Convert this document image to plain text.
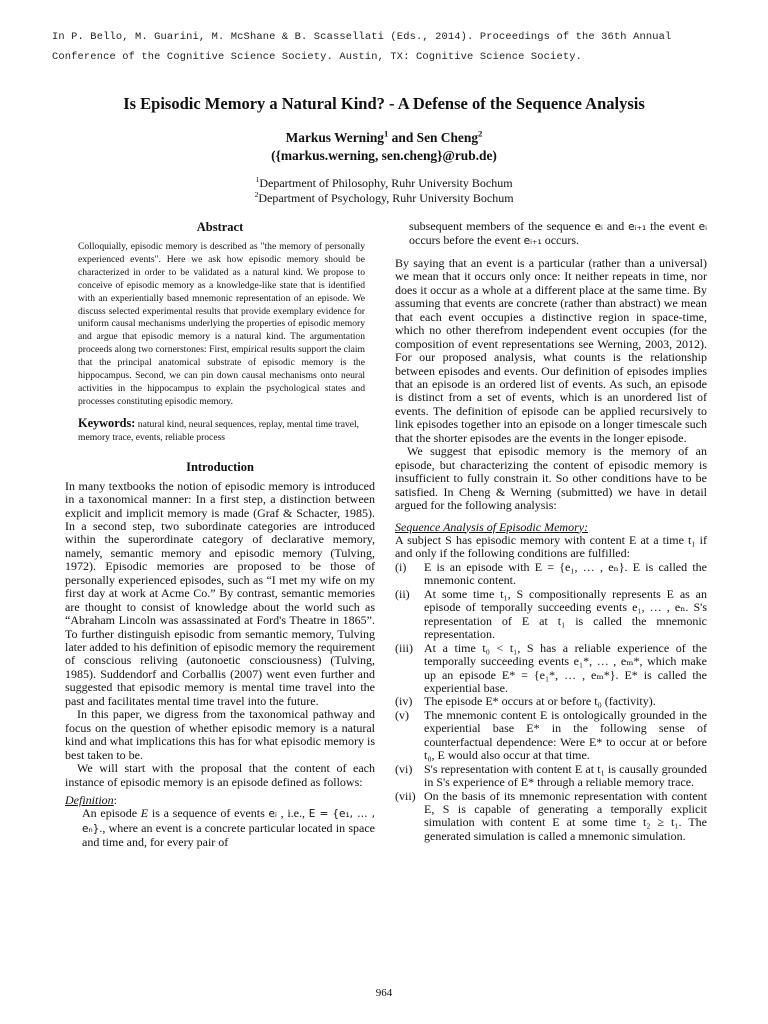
In P. Bello, M. Guarini, M. McShane & B. Scassellati (Eds., 2014). Proceedings of the 36th Annual
Conference of the Cognitive Science Society. Austin, TX: Cognitive Science Society.
Is Episodic Memory a Natural Kind? - A Defense of the Sequence Analysis
Markus Werning$^1$ and Sen Cheng$^2$
({markus.werning, sen.cheng}@rub.de)
$^1$Department of Philosophy, Ruhr University Bochum
$^2$Department of Psychology, Ruhr University Bochum
Abstract

Colloquially, episodic memory is described as "the memory of personally experienced events". Here we ask how episodic memory should be characterized in order to be validated as a natural kind. We propose to conceive of episodic memory as a knowledge-like state that is identified with an experientially based mnemonic representation of an episode. We discuss selected experimental results that provide exemplary evidence for uniform causal mechanisms underlying the properties of episodic memory and argue that episodic memory is a natural kind. The argumentation proceeds along two cornerstones: First, empirical results support the claim that the principal anatomical substrate of episodic memory is the hippocampus. Second, we can pin down causal mechanisms onto neural activities in the hippocampus to explain the psychological states and processes constituting episodic memory.

Keywords: natural kind, neural sequences, replay, mental time travel, memory trace, events, reliable process

Introduction

In many textbooks the notion of episodic memory is introduced in a taxonomical manner: In a first step, a distinction between explicit and implicit memory is made (Graf & Schacter, 1985). In a second step, two subordinate categories are introduced within the superordinate category of declarative memory, namely, semantic memory and episodic memory (Tulving, 1972). Episodic memories are proposed to be those of personally experienced episodes, such as “I met my wife on my first day at work at Acme Co.” By contrast, semantic memories are thought to consist of knowledge about the world such as “Abraham Lincoln was assassinated at Ford's Theatre in 1865”. To further distinguish episodic from semantic memory, Tulving later added to his definition of episodic memory the requirement of conscious reliving (autonoetic consciousness) (Tulving, 1985). Suddendorf and Corballis (2007) went even further and suggested that episodic memory is mental time travel into the past and facilitates mental time travel into the future.

In this paper, we digress from the taxonomical pathway and focus on the question of whether episodic memory is a natural kind and what implications this has for what episodic memory is best taken to be.

We will start with the proposal that the content of each instance of episodic memory is an episode defined as follows:

Definition:

An episode E is a sequence of events eᵢ , i.e., E = {e₁, … , eₙ}., where an event is a concrete particular located in space and time and, for every pair of

subsequent members of the sequence eᵢ and eᵢ₊₁ the event eᵢ occurs before the event eᵢ₊₁ occurs.

By saying that an event is a particular (rather than a universal) we mean that it occurs only once: It neither repeats in time, nor does it occur as a whole at a different place at the same time. By assuming that events are concrete (rather than abstract) we mean that each event occupies a distinctive region in space-time, which no other therefrom independent event occupies (for the composition of event representations see Werning, 2003, 2012). For our proposed analysis, what counts is the relationship between episodes and events. Our definition of episodes implies that an episode is an ordered list of events. As such, an episode is distinct from a set of events, which is an unordered list of events. The definition of episode can be applied recursively to link episodes together into an episode on a longer timescale such that the shorter episodes are the events in the longer episode.

We suggest that episodic memory is the memory of an episode, but characterizing the content of episodic memory is insufficient to fully constrain it. So other conditions have to be satisfied. In Cheng & Werning (submitted) we have in detail argued for the following analysis:

Sequence Analysis of Episodic Memory:

A subject S has episodic memory with content E at a time t₁ if and only if the following conditions are fulfilled:

(i)	E is an episode with E = {e₁, … , eₙ}. E is called the mnemonic content.
(ii)	At some time t₁, S compositionally represents E as an episode of temporally succeeding events e₁, … , eₙ. S's representation of E at t₁ is called the mnemonic representation.
(iii) At a time t₀ < t₁, S has a reliable experience of the temporally succeeding events e₁*, … , eₘ*, which make up an episode E* = {e₁*, … , eₘ*}. E* is called the experiential base.
(iv) The episode E* occurs at or before t₀ (factivity).
(v)	The mnemonic content E is ontologically grounded in the experiential base E* in the following sense of counterfactual dependence: Were E* to occur at or before t₀, E would also occur at that time.
(vi) S's representation with content E at t₁ is causally grounded in S's experience of E* through a reliable memory trace.
(vii) On the basis of its mnemonic representation with content E, S is capable of generating a temporally explicit simulation with content E at some time t₂ ≥ t₁. The generated simulation is called a mnemonic simulation.
964
